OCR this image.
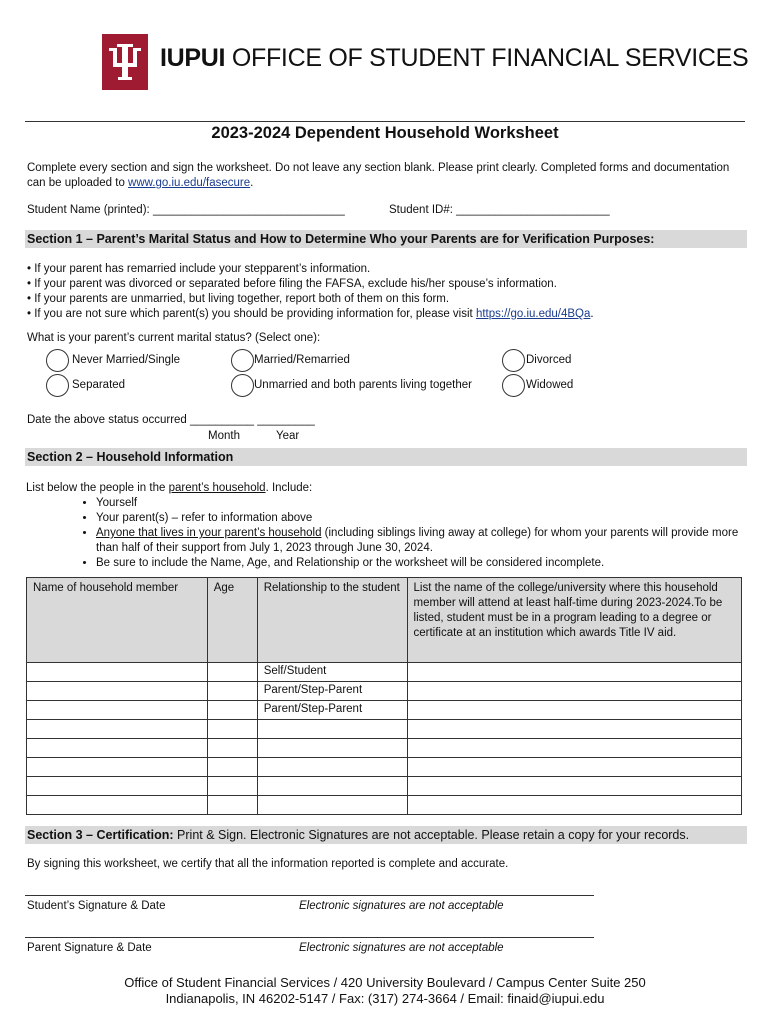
IUPUI OFFICE OF STUDENT FINANCIAL SERVICES
2023-2024 Dependent Household Worksheet
Complete every section and sign the worksheet. Do not leave any section blank. Please print clearly. Completed forms and documentation can be uploaded to www.go.iu.edu/fasecure.
Student Name (printed): ______________________________	Student ID#: ________________________
Section 1 – Parent’s Marital Status and How to Determine Who your Parents are for Verification Purposes:
• If your parent has remarried include your stepparent’s information.
• If your parent was divorced or separated before filing the FAFSA, exclude his/her spouse’s information.
• If your parents are unmarried, but living together, report both of them on this form.
• If you are not sure which parent(s) you should be providing information for, please visit https://go.iu.edu/4BQa.
What is your parent’s current marital status? (Select one):
Never Married/Single	Married/Remarried	Divorced
Separated	Unmarried and both parents living together	Widowed
Date the above status occurred __________ _________
Month	Year
Section 2 – Household Information
List below the people in the parent’s household. Include:
• Yourself
• Your parent(s) – refer to information above
• Anyone that lives in your parent’s household (including siblings living away at college) for whom your parents will provide more than half of their support from July 1, 2023 through June 30, 2024.
• Be sure to include the Name, Age, and Relationship or the worksheet will be considered incomplete.
Name of household member	Age	Relationship to the student	List the name of the college/university where this household member will attend at least half-time during 2023-2024.To be listed, student must be in a program leading to a degree or certificate at an institution which awards Title IV aid.
		Self/Student	
		Parent/Step-Parent	
		Parent/Step-Parent	

Section 3 – Certification: Print & Sign. Electronic Signatures are not acceptable. Please retain a copy for your records.
By signing this worksheet, we certify that all the information reported is complete and accurate.
Student’s Signature & Date	Electronic signatures are not acceptable
Parent Signature & Date	Electronic signatures are not acceptable
Office of Student Financial Services / 420 University Boulevard / Campus Center Suite 250
Indianapolis, IN 46202-5147 / Fax: (317) 274-3664 / Email: finaid@iupui.edu
